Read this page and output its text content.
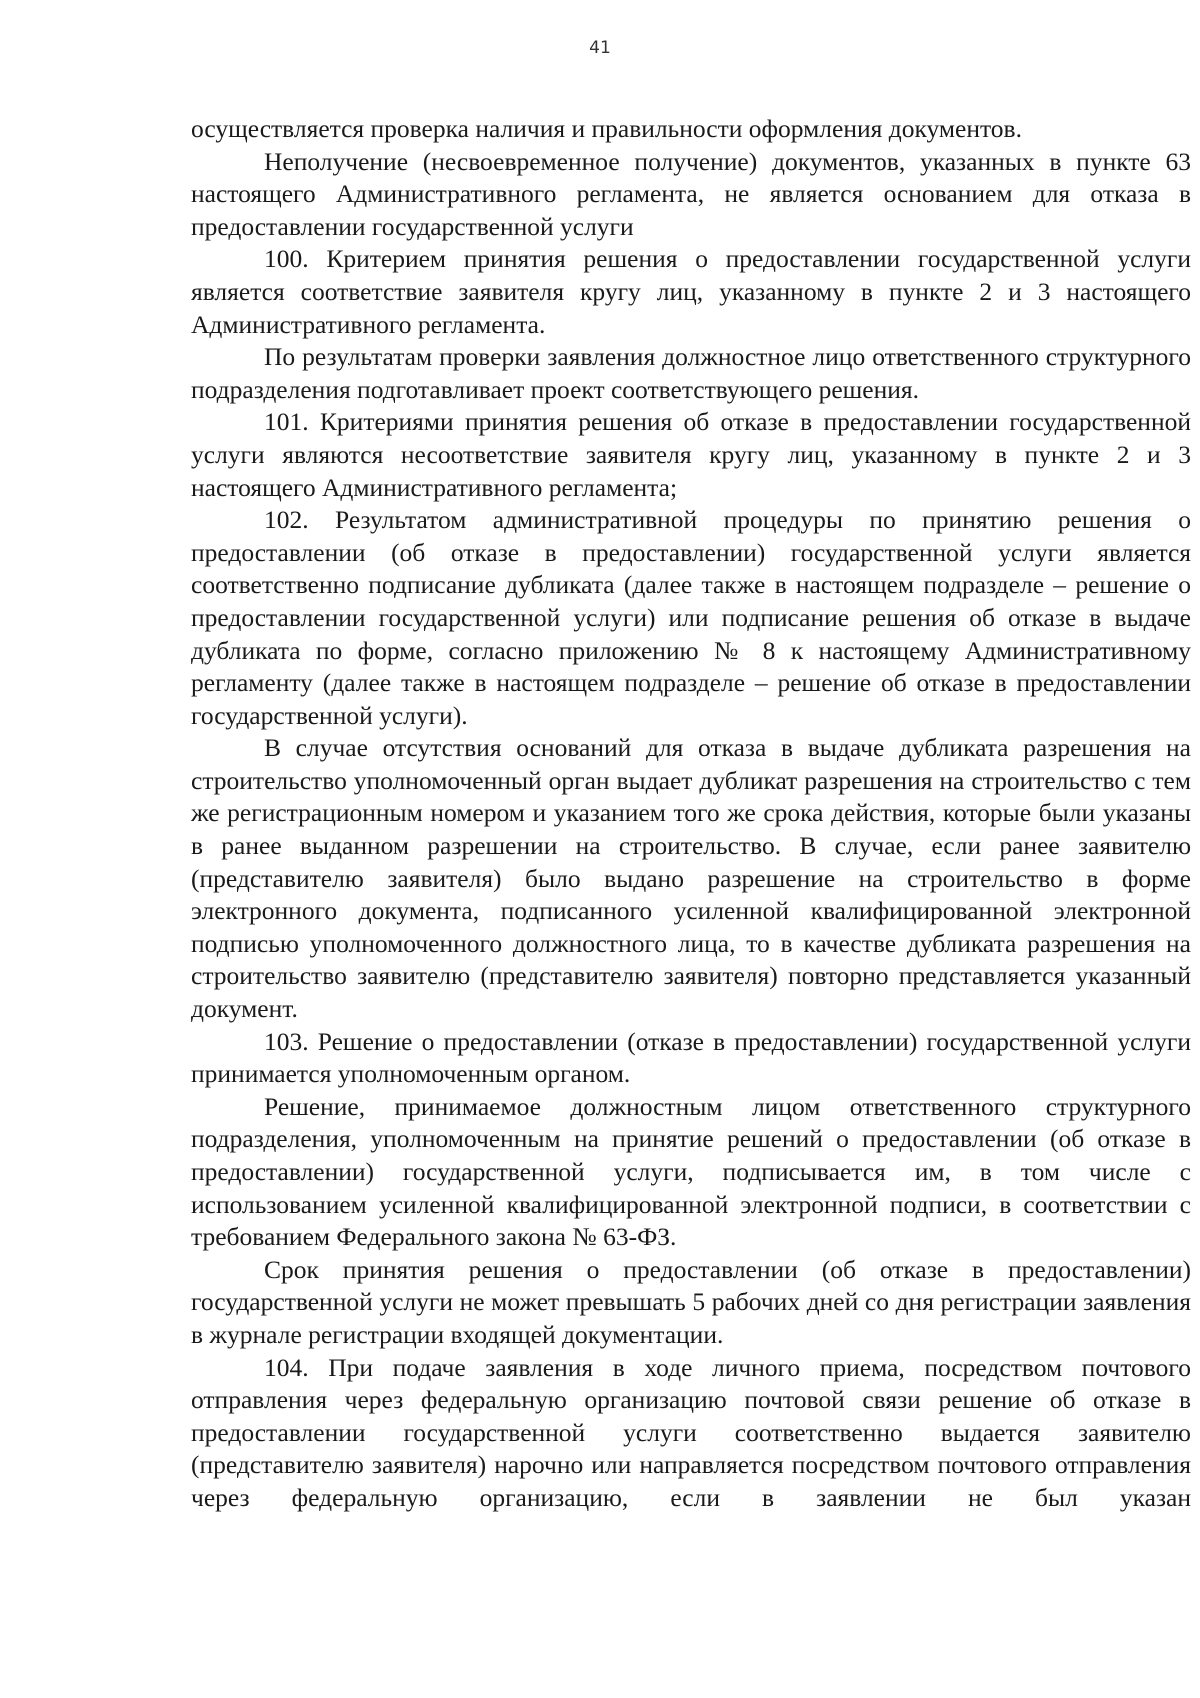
41

осуществляется проверка наличия и правильности оформления документов.

Неполучение (несвоевременное получение) документов, указанных в пункте 63 настоящего Административного регламента, не является основанием для отказа в предоставлении государственной услуги

100. Критерием принятия решения о предоставлении государственной услуги является соответствие заявителя кругу лиц, указанному в пункте 2 и 3 настоящего Административного регламента.

По результатам проверки заявления должностное лицо ответственного структурного подразделения подготавливает проект соответствующего решения.

101. Критериями принятия решения об отказе в предоставлении государственной услуги являются несоответствие заявителя кругу лиц, указанному в пункте 2 и 3 настоящего Административного регламента;

102. Результатом административной процедуры по принятию решения о предоставлении (об отказе в предоставлении) государственной услуги является соответственно подписание дубликата (далее также в настоящем подразделе – решение о предоставлении государственной услуги) или подписание решения об отказе в выдаче дубликата по форме, согласно приложению № 8 к настоящему Административному регламенту (далее также в настоящем подразделе – решение об отказе в предоставлении государственной услуги).

В случае отсутствия оснований для отказа в выдаче дубликата разрешения на строительство уполномоченный орган выдает дубликат разрешения на строительство с тем же регистрационным номером и указанием того же срока действия, которые были указаны в ранее выданном разрешении на строительство. В случае, если ранее заявителю (представителю заявителя) было выдано разрешение на строительство в форме электронного документа, подписанного усиленной квалифицированной электронной подписью уполномоченного должностного лица, то в качестве дубликата разрешения на строительство заявителю (представителю заявителя) повторно представляется указанный документ.

103. Решение о предоставлении (отказе в предоставлении) государственной услуги принимается уполномоченным органом.

Решение, принимаемое должностным лицом ответственного структурного подразделения, уполномоченным на принятие решений о предоставлении (об отказе в предоставлении) государственной услуги, подписывается им, в том числе с использованием усиленной квалифицированной электронной подписи, в соответствии с требованием Федерального закона № 63-ФЗ.

Срок принятия решения о предоставлении (об отказе в предоставлении) государственной услуги не может превышать 5 рабочих дней со дня регистрации заявления в журнале регистрации входящей документации.

104. При подаче заявления в ходе личного приема, посредством почтового отправления через федеральную организацию почтовой связи решение об отказе в предоставлении государственной услуги соответственно выдается заявителю (представителю заявителя) нарочно или направляется посредством почтового отправления через федеральную организацию, если в заявлении не был указан
